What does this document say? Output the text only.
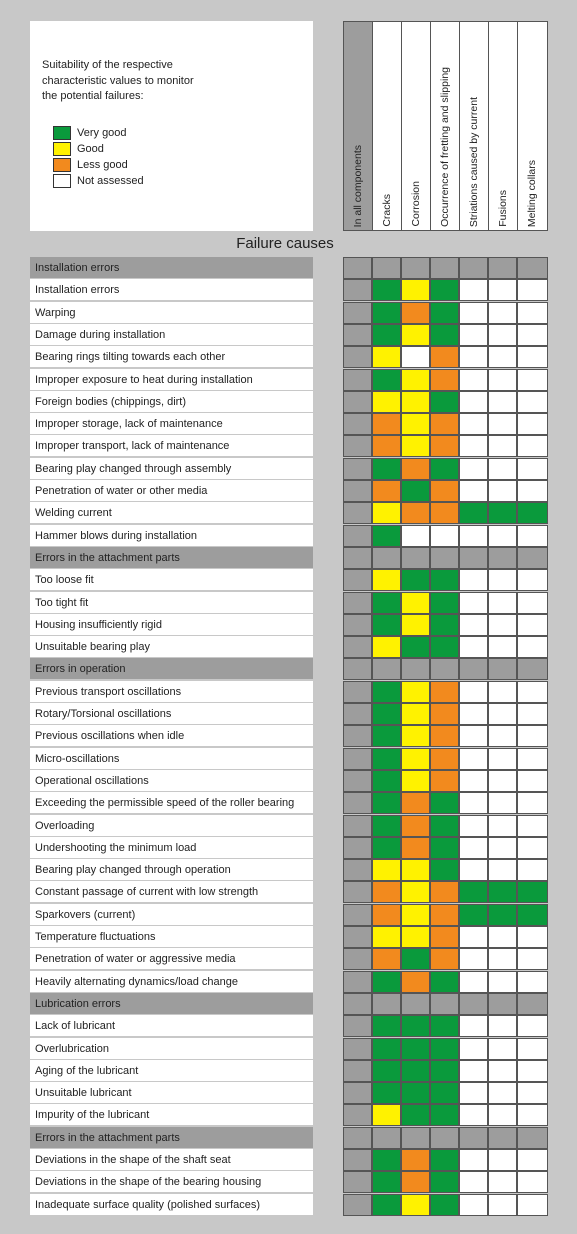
Suitability of the respective
characteristic values to monitor
the potential failures:
Very good
Good
Less good
Not assessed	In all components Cracks Corrosion Occurrence of fretting and slipping Striations caused by current Fusions Melting collars
Failure causes
Installation errors
Installation errors
Warping
Damage during installation
Bearing rings tilting towards each other
Improper exposure to heat during installation
Foreign bodies (chippings, dirt)
Improper storage, lack of maintenance
Improper transport, lack of maintenance
Bearing play changed through assembly
Penetration of water or other media
Welding current
Hammer blows during installation
Errors in the attachment parts
Too loose fit
Too tight fit
Housing insufficiently rigid
Unsuitable bearing play
Errors in operation
Previous transport oscillations
Rotary/Torsional oscillations
Previous oscillations when idle
Micro-oscillations
Operational oscillations
Exceeding the permissible speed of the roller bearing
Overloading
Undershooting the minimum load
Bearing play changed through operation
Constant passage of current with low strength
Sparkovers (current)
Temperature fluctuations
Penetration of water or aggressive media
Heavily alternating dynamics/load change
Lubrication errors
Lack of lubricant
Overlubrication
Aging of the lubricant
Unsuitable lubricant
Impurity of the lubricant
Errors in the attachment parts
Deviations in the shape of the shaft seat
Deviations in the shape of the bearing housing
Inadequate surface quality (polished surfaces)
